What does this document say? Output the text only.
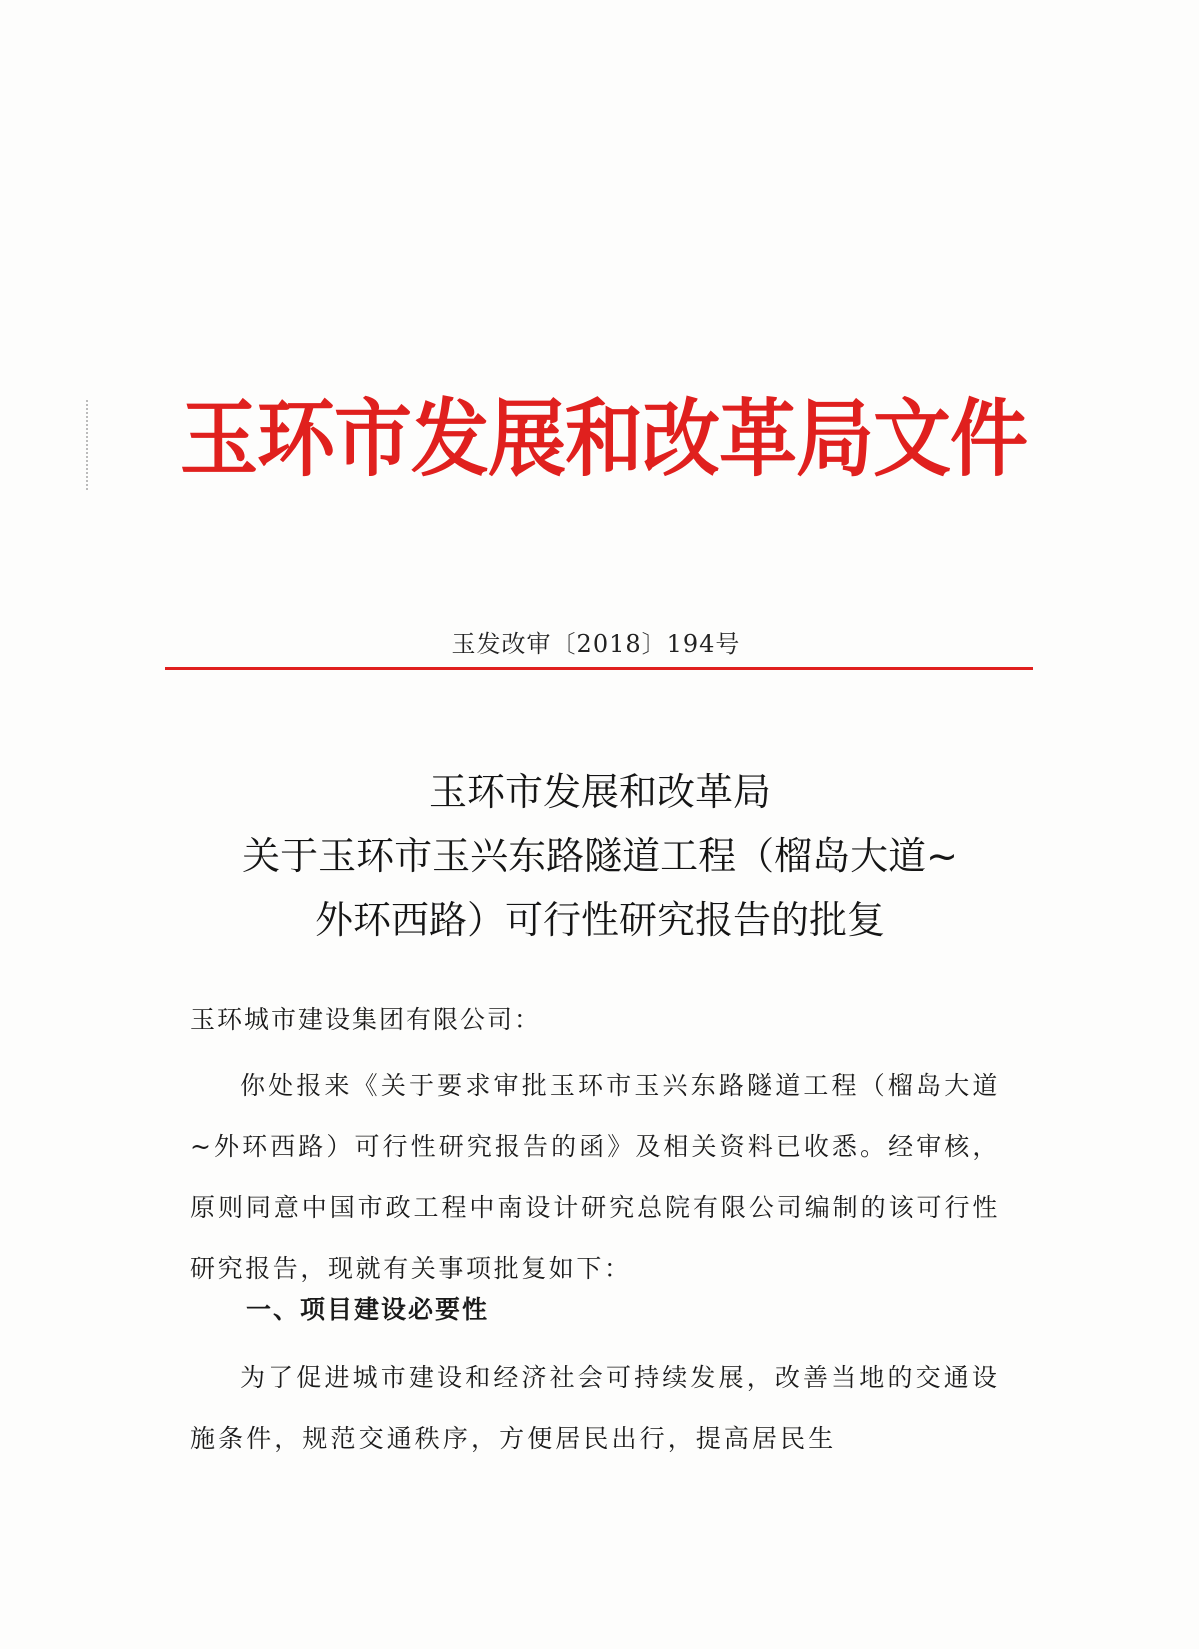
玉环市发展和改革局文件
玉发改审〔2018〕194号
玉环市发展和改革局
关于玉环市玉兴东路隧道工程（榴岛大道~
外环西路）可行性研究报告的批复
玉环城市建设集团有限公司：

你处报来《关于要求审批玉环市玉兴东路隧道工程（榴岛大道~外环西路）可行性研究报告的函》及相关资料已收悉。经审核，原则同意中国市政工程中南设计研究总院有限公司编制的该可行性研究报告，现就有关事项批复如下：

一、项目建设必要性

为了促进城市建设和经济社会可持续发展，改善当地的交通设施条件，规范交通秩序，方便居民出行，提高居民生
